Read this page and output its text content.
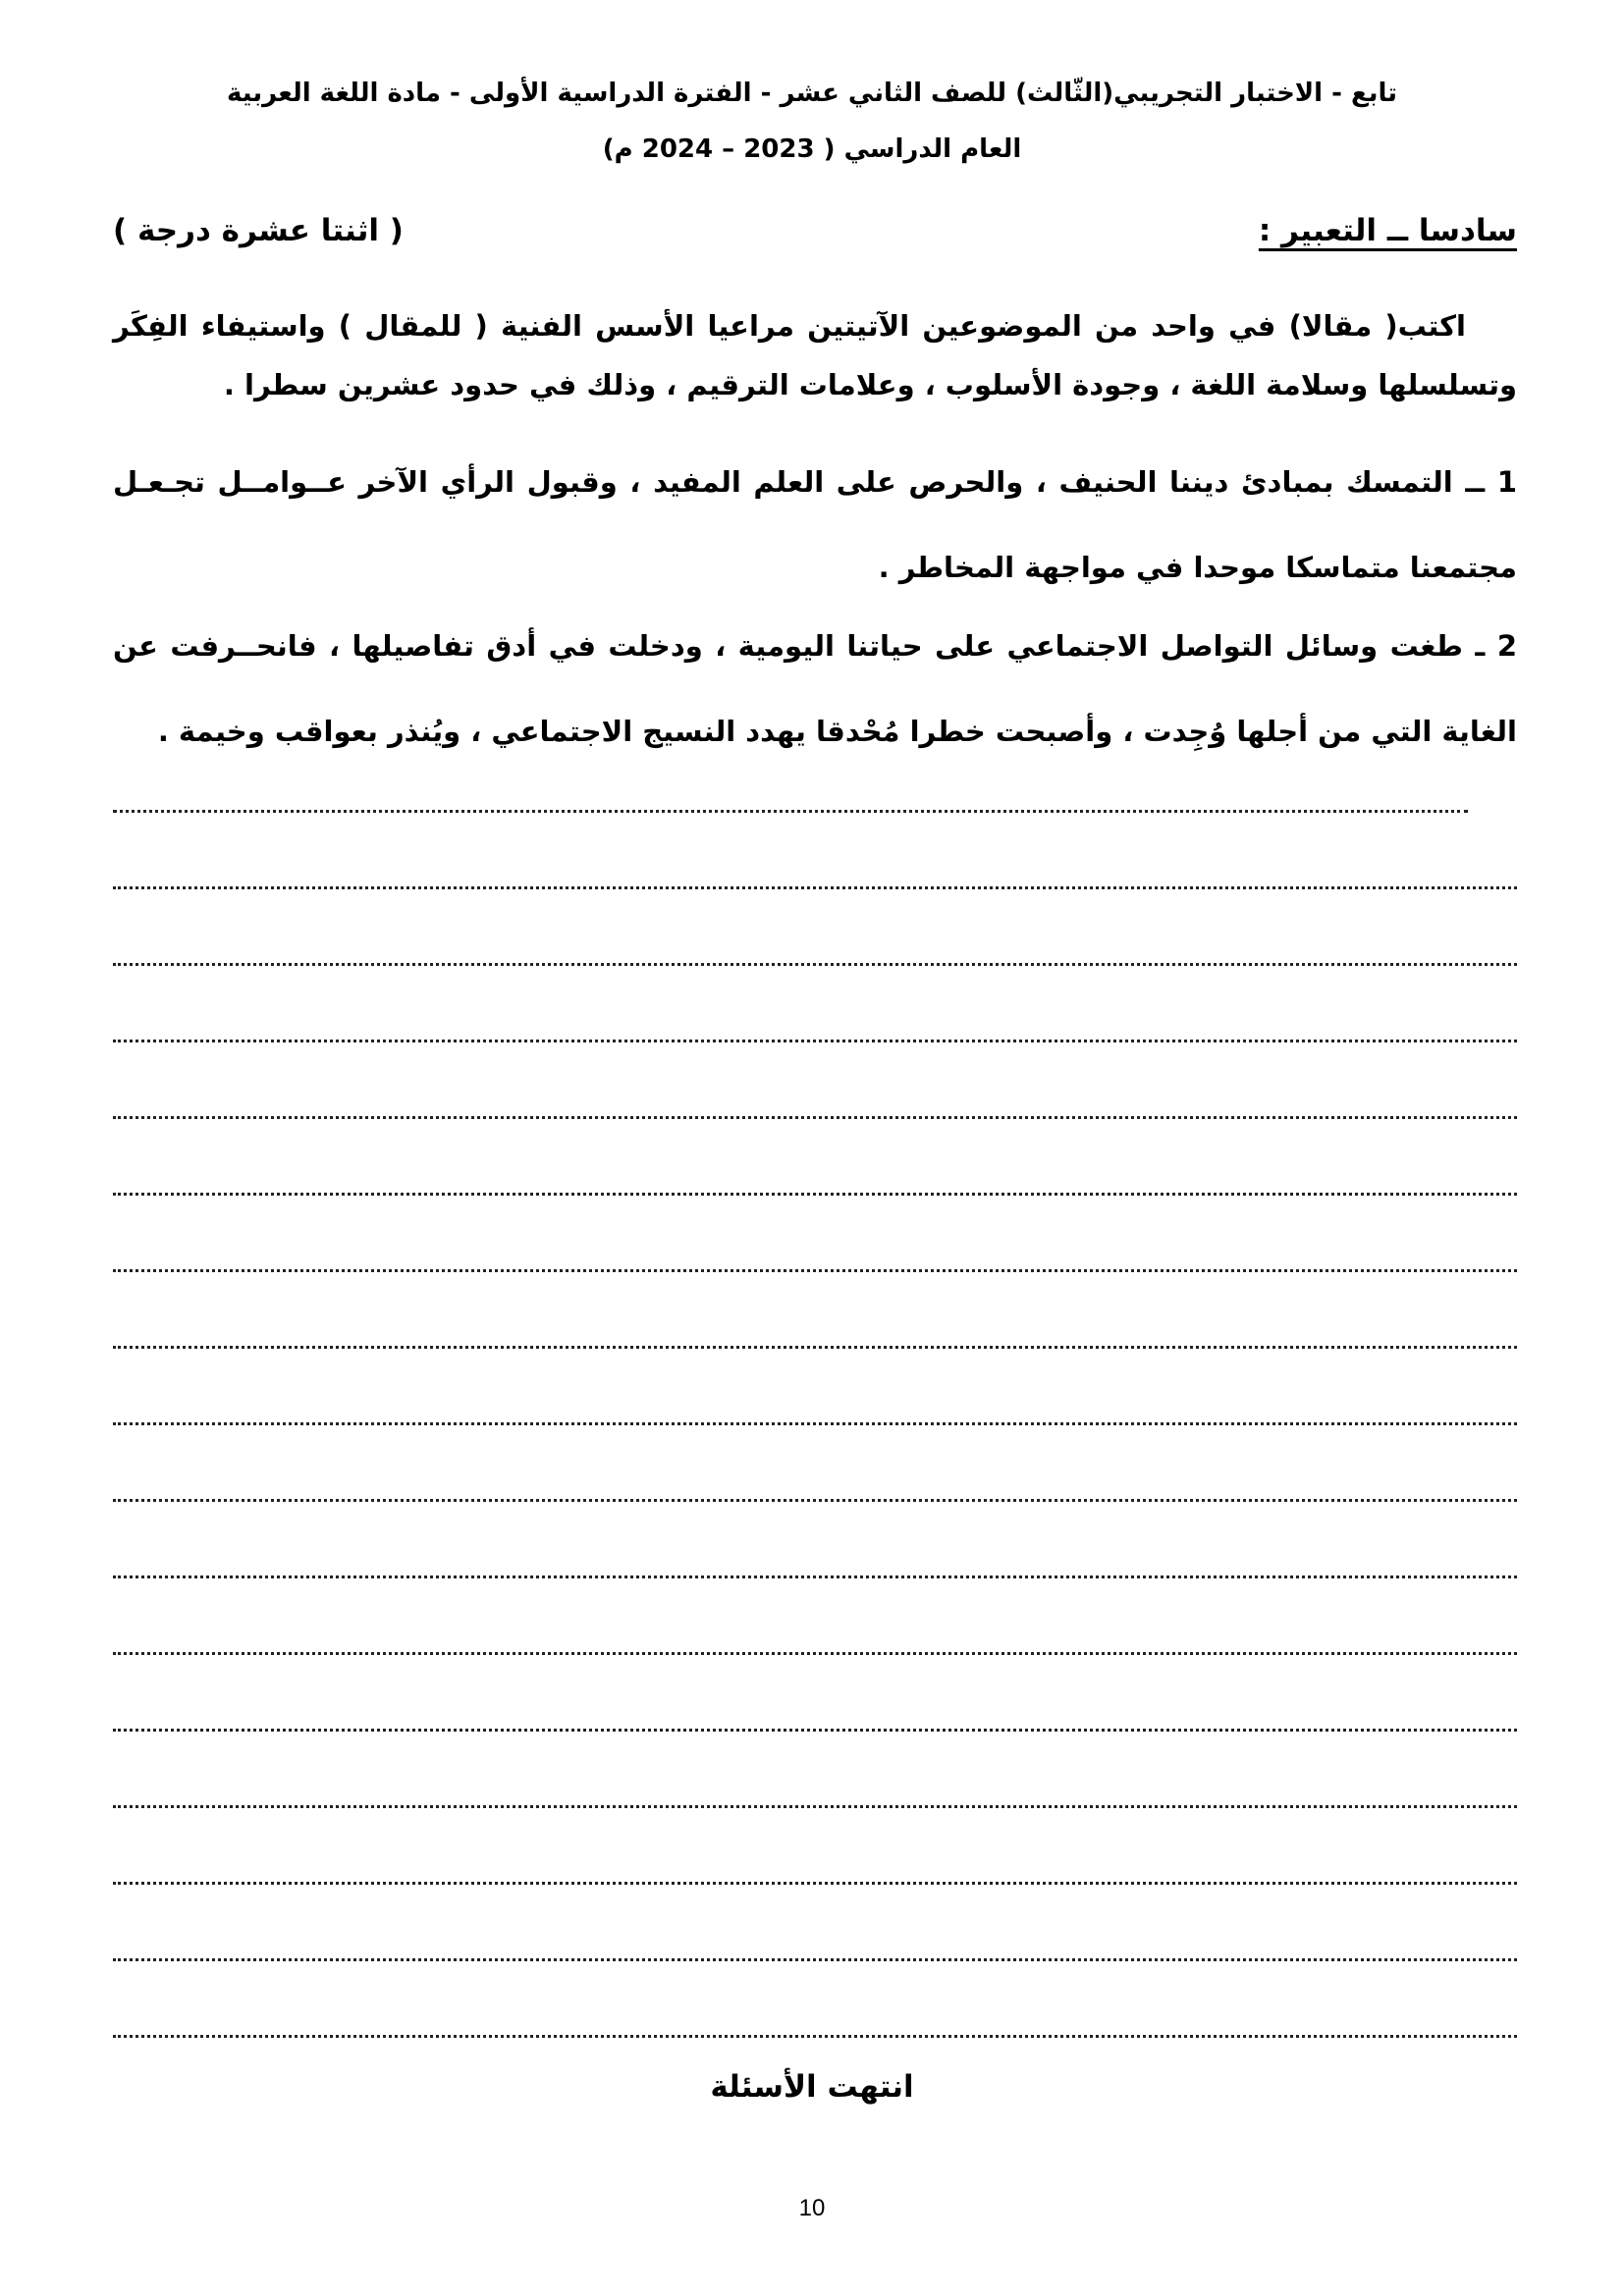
تابع - الاختبار التجريبي(الثّالث) للصف الثاني عشر - الفترة الدراسية الأولى - مادة اللغة العربية
العام الدراسي ( 2023 – 2024 م)
سادسا ــ التعبير :
( اثنتا عشرة درجة )
اكتب( مقالا) في واحد من الموضوعين الآتيتين مراعيا الأسس الفنية ( للمقال ) واستيفاء الفِكَر وتسلسلها وسلامة اللغة ، وجودة الأسلوب ، وعلامات الترقيم ، وذلك في حدود عشرين سطرا .
1 ــ التمسك بمبادئ ديننا الحنيف ، والحرص على العلم المفيد ، وقبول الرأي الآخر عــوامــل تجـعـل مجتمعنا متماسكا موحدا في مواجهة المخاطر .
2 ـ طغت وسائل التواصل الاجتماعي على حياتنا اليومية ، ودخلت في أدق تفاصيلها ، فانحــرفت عن الغاية التي من أجلها وُجِدت ، وأصبحت خطرا مُحْدقا يهدد النسيج الاجتماعي ، ويُنذر بعواقب وخيمة .
انتهت الأسئلة
10
